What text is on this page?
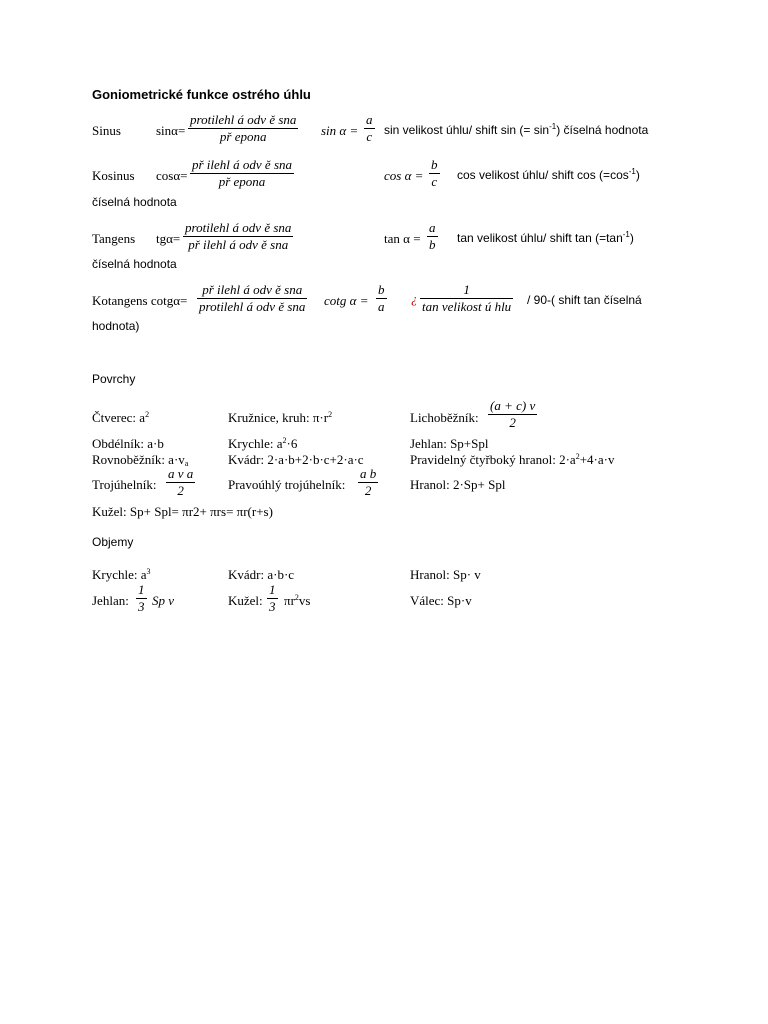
Goniometrické funkce ostrého úhlu
Sinus	$\sin\alpha= \frac{\text{protilehl á odv ě sna}}{\text{př epona}}$ $\sin \alpha = \frac{a}{c}$ sin velikost úhlu/ shift sin (= $\sin^{-1}$) číselná hodnota
Kosinus $\cos\alpha= \frac{\text{př ilehl á odv ě sna}}{\text{př epona}}$	$\cos \alpha = \frac{b}{c}$ cos velikost úhlu/ shift $\cos (=\cos^{-1})$
číselná hodnota
Tangens $tg\alpha= \frac{\text{protilehl á odv ě sna}}{\text{př ilehl á odv ě sna}}$	$\tan \alpha = \frac{a}{b}$ tan velikost úhlu/ shift $\tan (=\tan^{-1})$
číselná hodnota
Kotangens $\cot g\alpha= \frac{\text{př ilehl á odv ě sna}}{\text{protilehl á odv ě sna}}$ cotg $\alpha = \frac{b}{a}$ ¿ $\frac{1}{\text{tan velikost ú hlu}} / 90-$( shift tan číselná
hodnota)
Povrchy
Čtverec: $a^2$	Kružnice, kruh: $\pi\cdot r^2$	Lichoběžník: $\frac{(a + c) v}{2}$
Obdélník: a·b	Krychle: $a^2\cdot 6$	Jehlan: Sp+Spl
Rovnoběžník: $a\cdot v_a$	Kvádr: 2·a·b+2·b·c+2·a·c	Pravidelný čtyřboký hranol: $2\cdot a^2+4\cdot a\cdot v$
Trojúhelník: $\frac{\text{a v a}}{2}$	Pravoúhlý trojúhelník: $\frac{\text{a b}}{2}$ Hranol: 2·Sp+ Spl
Kužel: Sp+ Spl= πr2+ πrs= πr(r+s)
Objemy
Krychle: $a^3$	Kvádr: a·b·c	Hranol: Sp· v
Jehlan: $\frac{1}{3}$ Sp v	Kužel: $\frac{1}{3} \pi r^2vs$	Válec: Sp·v
